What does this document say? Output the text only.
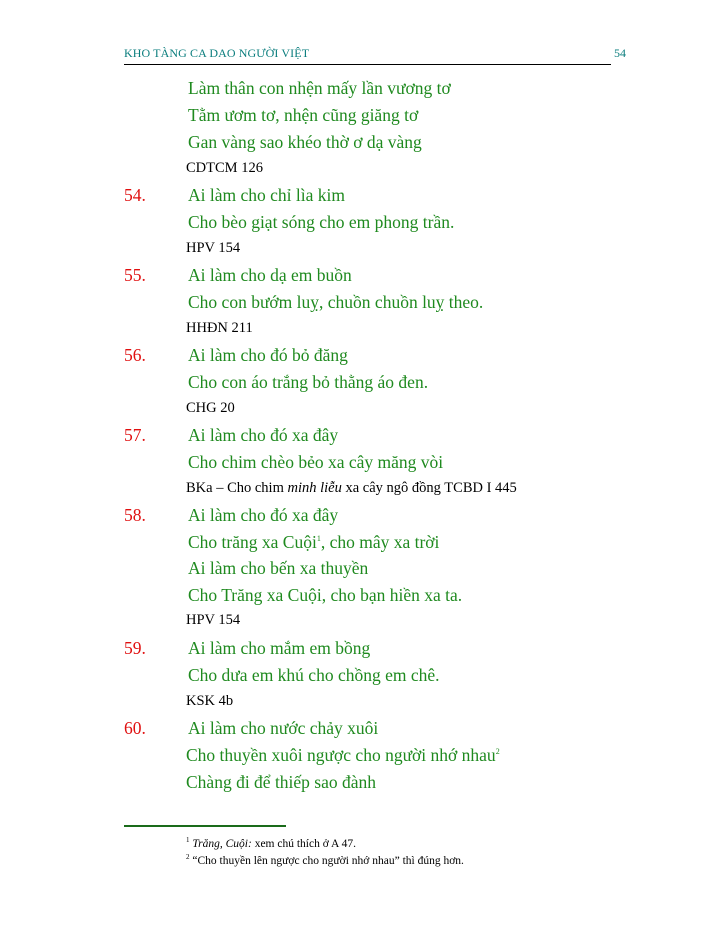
KHO TÀNG CA DAO NGƯỜI VIỆT	54
Làm thân con nhện mấy lần vương tơ
Tằm ươm tơ, nhện cũng giăng tơ
Gan vàng sao khéo thờ ơ dạ vàng
CDTCM 126
54. Ai làm cho chỉ lìa kim
Cho bèo giạt sóng cho em phong trần.
HPV 154
55. Ai làm cho dạ em buồn
Cho con bướm luỵ, chuồn chuồn luỵ theo.
HHĐN 211
56. Ai làm cho đó bỏ đăng
Cho con áo trắng bỏ thằng áo đen.
CHG 20
57. Ai làm cho đó xa đây
Cho chim chèo bẻo xa cây măng vòi
BKa – Cho chim minh liễu xa cây ngô đồng TCBD I 445
58. Ai làm cho đó xa đây
Cho trăng xa Cuội$^1$, cho mây xa trời
Ai làm cho bến xa thuyền
Cho Trăng xa Cuội, cho bạn hiền xa ta.
HPV 154
59. Ai làm cho mắm em bồng
Cho dưa em khú cho chồng em chê.
KSK 4b
60. Ai làm cho nước chảy xuôi
Cho thuyền xuôi ngược cho người nhớ nhau$^2$
Chàng đi để thiếp sao đành
$^1$ Trăng, Cuội: xem chú thích ở A 47.
$^2$ “Cho thuyền lên ngược cho người nhớ nhau” thì đúng hơn.
